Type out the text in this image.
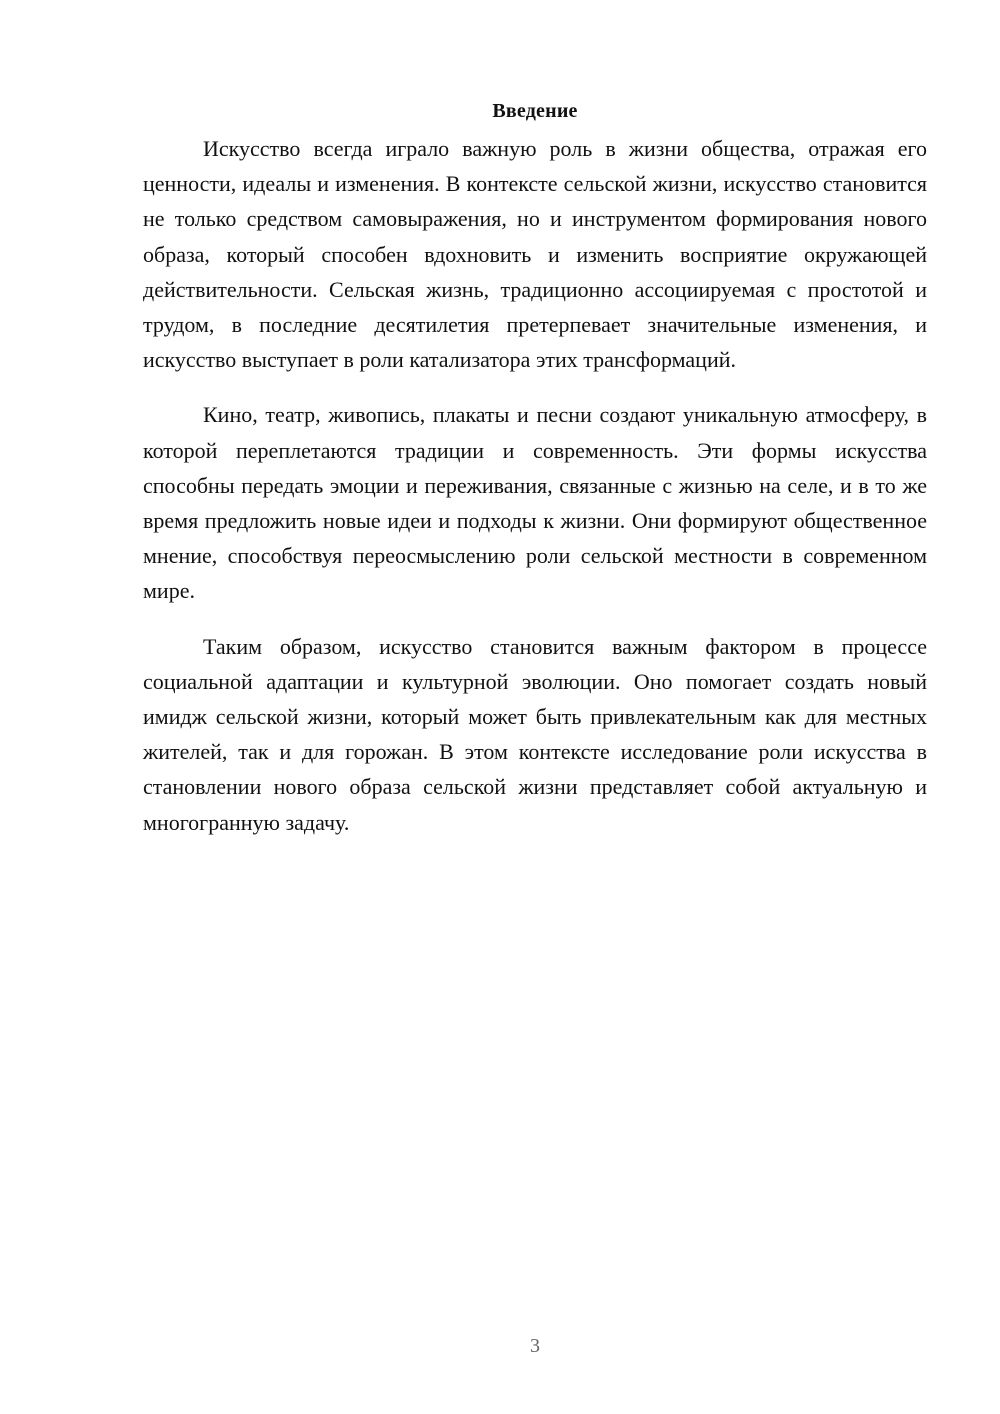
Введение

Искусство всегда играло важную роль в жизни общества, отражая его ценности, идеалы и изменения. В контексте сельской жизни, искусство становится не только средством самовыражения, но и инструментом формирования нового образа, который способен вдохновить и изменить восприятие окружающей действительности. Сельская жизнь, традиционно ассоциируемая с простотой и трудом, в последние десятилетия претерпевает значительные изменения, и искусство выступает в роли катализатора этих трансформаций.

Кино, театр, живопись, плакаты и песни создают уникальную атмосферу, в которой переплетаются традиции и современность. Эти формы искусства способны передать эмоции и переживания, связанные с жизнью на селе, и в то же время предложить новые идеи и подходы к жизни. Они формируют общественное мнение, способствуя переосмыслению роли сельской местности в современном мире.

Таким образом, искусство становится важным фактором в процессе социальной адаптации и культурной эволюции. Оно помогает создать новый имидж сельской жизни, который может быть привлекательным как для местных жителей, так и для горожан. В этом контексте исследование роли искусства в становлении нового образа сельской жизни представляет собой актуальную и многогранную задачу.

3
